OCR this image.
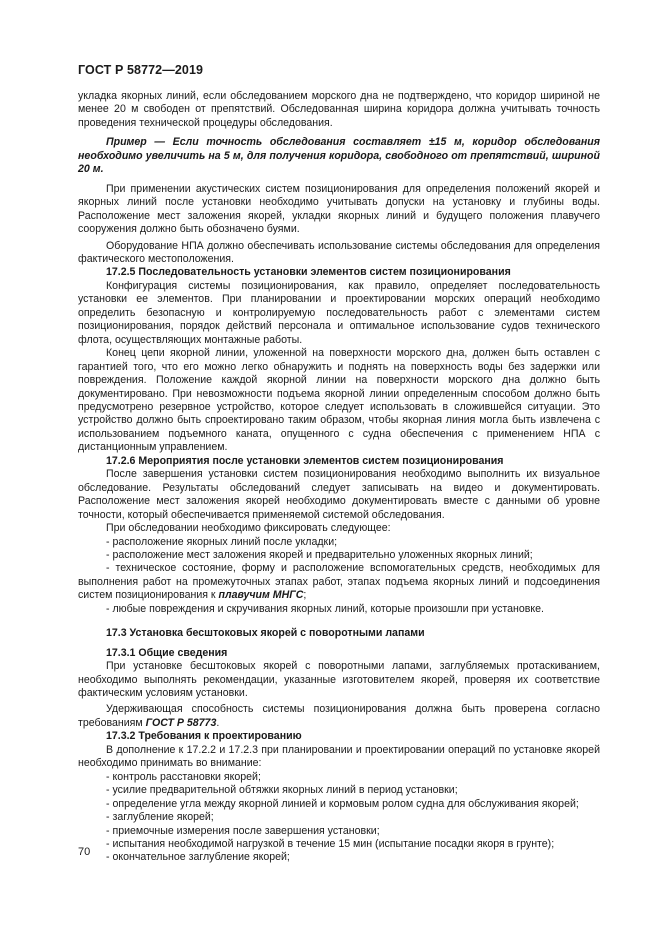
ГОСТ Р 58772—2019

укладка якорных линий, если обследованием морского дна не подтверждено, что коридор шириной не менее 20 м свободен от препятствий. Обследованная ширина коридора должна учитывать точность проведения технической процедуры обследования.

Пример — Если точность обследования составляет ±15 м, коридор обследования необходимо увеличить на 5 м, для получения коридора, свободного от препятствий, шириной 20 м.

При применении акустических систем позиционирования для определения положений якорей и якорных линий после установки необходимо учитывать допуски на установку и глубины воды. Расположение мест заложения якорей, укладки якорных линий и будущего положения плавучего сооружения должно быть обозначено буями.

Оборудование НПА должно обеспечивать использование системы обследования для определения фактического местоположения.

17.2.5 Последовательность установки элементов систем позиционирования

Конфигурация системы позиционирования, как правило, определяет последовательность установки ее элементов. При планировании и проектировании морских операций необходимо определить безопасную и контролируемую последовательность работ с элементами систем позиционирования, порядок действий персонала и оптимальное использование судов технического флота, осуществляющих монтажные работы.

Конец цепи якорной линии, уложенной на поверхности морского дна, должен быть оставлен с гарантией того, что его можно легко обнаружить и поднять на поверхность воды без задержки или повреждения. Положение каждой якорной линии на поверхности морского дна должно быть документировано. При невозможности подъема якорной линии определенным способом должно быть предусмотрено резервное устройство, которое следует использовать в сложившейся ситуации. Это устройство должно быть спроектировано таким образом, чтобы якорная линия могла быть извлечена с использованием подъемного каната, опущенного с судна обеспечения с применением НПА с дистанционным управлением.

17.2.6 Мероприятия после установки элементов систем позиционирования

После завершения установки систем позиционирования необходимо выполнить их визуальное обследование. Результаты обследований следует записывать на видео и документировать. Расположение мест заложения якорей необходимо документировать вместе с данными об уровне точности, который обеспечивается применяемой системой обследования.

При обследовании необходимо фиксировать следующее:

- расположение якорных линий после укладки;

- расположение мест заложения якорей и предварительно уложенных якорных линий;

- техническое состояние, форму и расположение вспомогательных средств, необходимых для выполнения работ на промежуточных этапах работ, этапах подъема якорных линий и подсоединения систем позиционирования к плавучим МНГС;

- любые повреждения и скручивания якорных линий, которые произошли при установке.

17.3 Установка бесштоковых якорей с поворотными лапами

17.3.1 Общие сведения

При установке бесштоковых якорей с поворотными лапами, заглубляемых протаскиванием, необходимо выполнять рекомендации, указанные изготовителем якорей, проверяя их соответствие фактическим условиям установки.

Удерживающая способность системы позиционирования должна быть проверена согласно требованиям ГОСТ Р 58773.

17.3.2 Требования к проектированию

В дополнение к 17.2.2 и 17.2.3 при планировании и проектировании операций по установке якорей необходимо принимать во внимание:

- контроль расстановки якорей;

- усилие предварительной обтяжки якорных линий в период установки;

- определение угла между якорной линией и кормовым ролом судна для обслуживания якорей;

- заглубление якорей;

- приемочные измерения после завершения установки;

- испытания необходимой нагрузкой в течение 15 мин (испытание посадки якоря в грунте);

- окончательное заглубление якорей;

70
